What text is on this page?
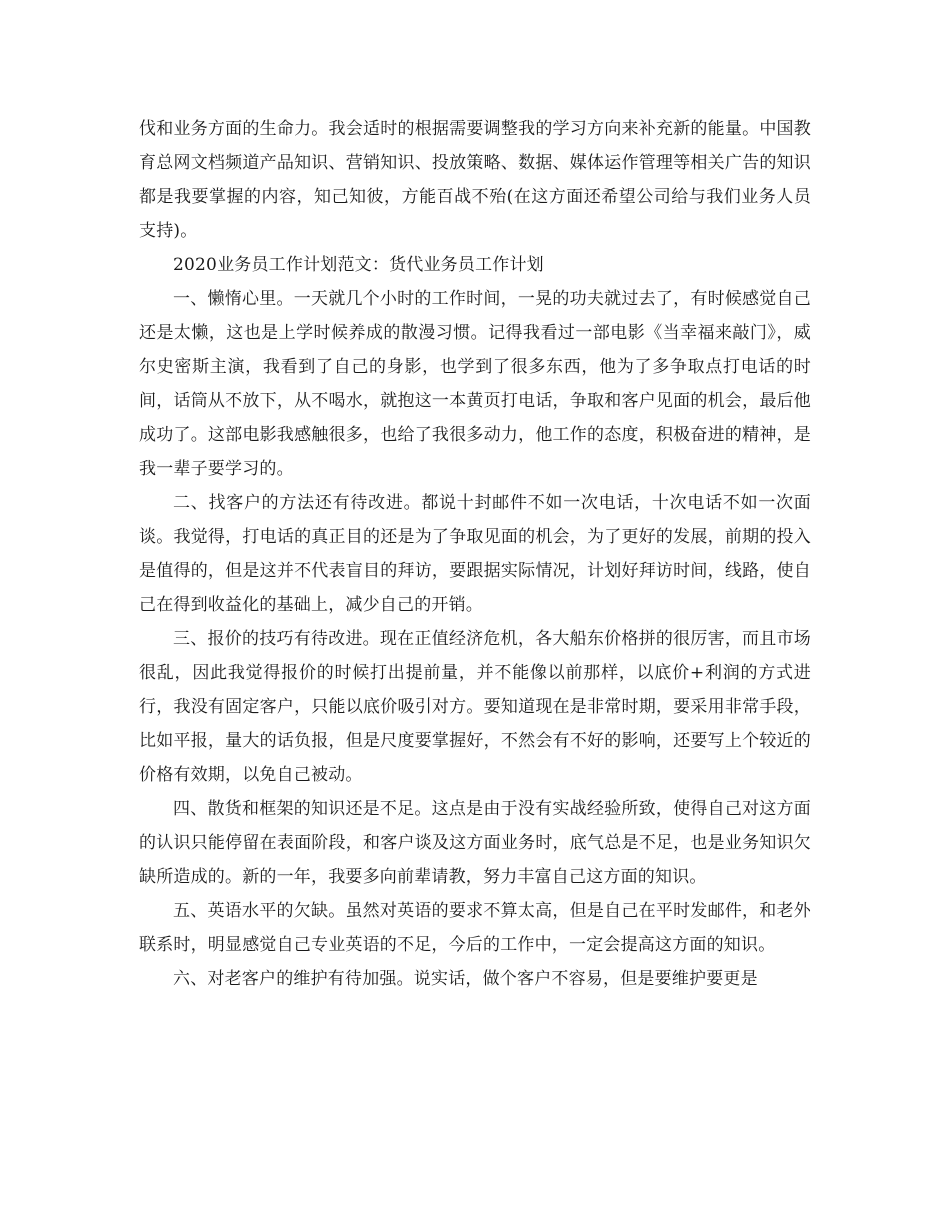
伐和业务方面的生命力。我会适时的根据需要调整我的学习方向来补充新的能量。中国教育总网文档频道产品知识、营销知识、投放策略、数据、媒体运作管理等相关广告的知识都是我要掌握的内容，知己知彼，方能百战不殆(在这方面还希望公司给与我们业务人员支持)。

2020业务员工作计划范文：货代业务员工作计划

一、懒惰心里。一天就几个小时的工作时间，一晃的功夫就过去了，有时候感觉自己还是太懒，这也是上学时候养成的散漫习惯。记得我看过一部电影《当幸福来敲门》，威尔史密斯主演，我看到了自己的身影，也学到了很多东西，他为了多争取点打电话的时间，话筒从不放下，从不喝水，就抱这一本黄页打电话，争取和客户见面的机会，最后他成功了。这部电影我感触很多，也给了我很多动力，他工作的态度，积极奋进的精神，是我一辈子要学习的。

二、找客户的方法还有待改进。都说十封邮件不如一次电话，十次电话不如一次面谈。我觉得，打电话的真正目的还是为了争取见面的机会，为了更好的发展，前期的投入是值得的，但是这并不代表盲目的拜访，要跟据实际情况，计划好拜访时间，线路，使自己在得到收益化的基础上，减少自己的开销。

三、报价的技巧有待改进。现在正值经济危机，各大船东价格拼的很厉害，而且市场很乱，因此我觉得报价的时候打出提前量，并不能像以前那样，以底价+利润的方式进行，我没有固定客户，只能以底价吸引对方。要知道现在是非常时期，要采用非常手段，比如平报，量大的话负报，但是尺度要掌握好，不然会有不好的影响，还要写上个较近的价格有效期，以免自己被动。

四、散货和框架的知识还是不足。这点是由于没有实战经验所致，使得自己对这方面的认识只能停留在表面阶段，和客户谈及这方面业务时，底气总是不足，也是业务知识欠缺所造成的。新的一年，我要多向前辈请教，努力丰富自己这方面的知识。

五、英语水平的欠缺。虽然对英语的要求不算太高，但是自己在平时发邮件，和老外联系时，明显感觉自己专业英语的不足，今后的工作中，一定会提高这方面的知识。

六、对老客户的维护有待加强。说实话，做个客户不容易，但是要维护要更是
